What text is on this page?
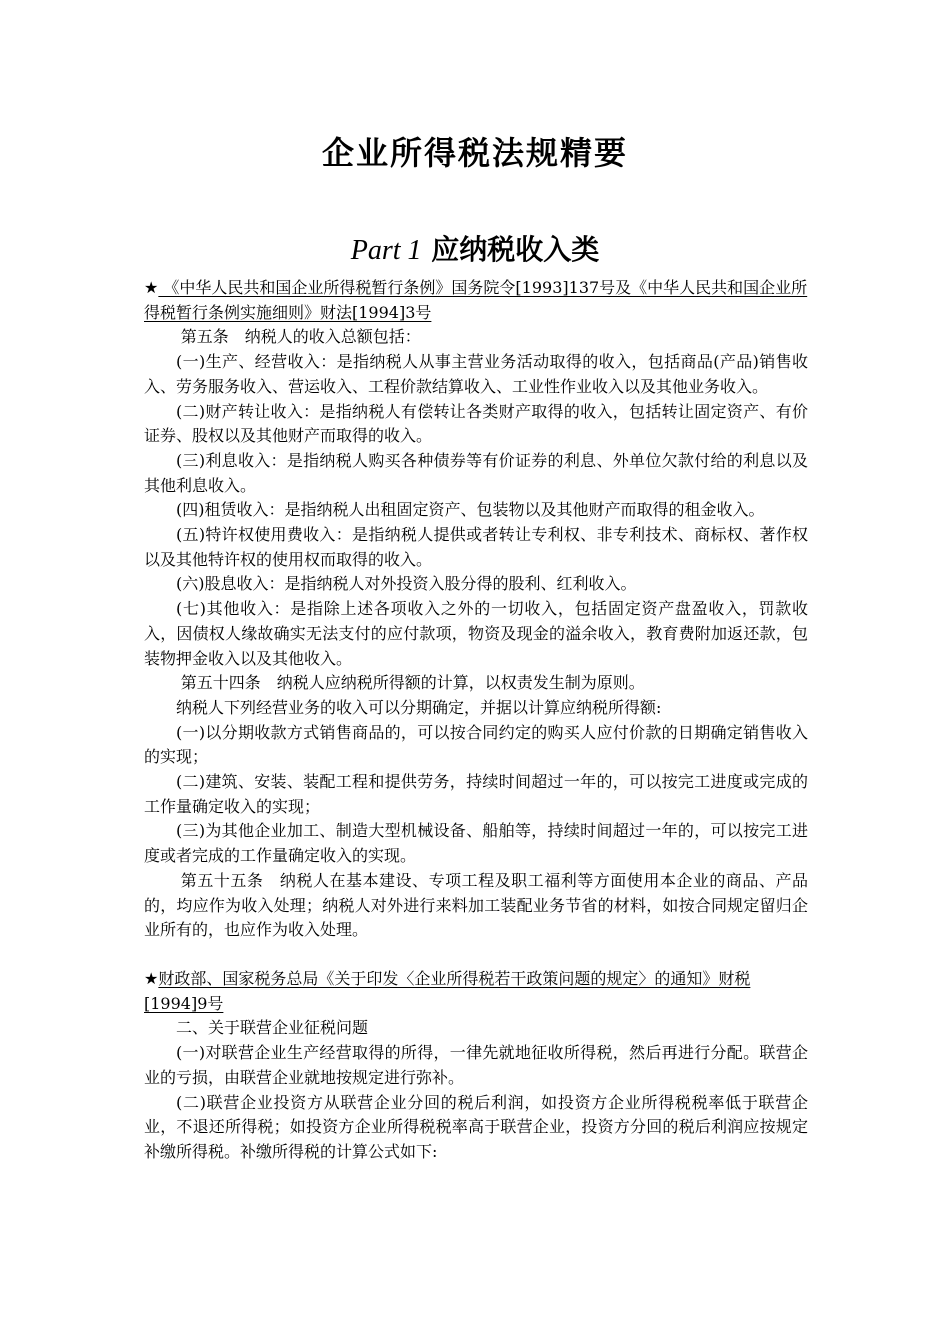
企业所得税法规精要
Part 1 应纳税收入类

★ 《中华人民共和国企业所得税暂行条例》国务院令[1993]137号及《中华人民共和国企业所得税暂行条例实施细则》财法[1994]3号

第五条　纳税人的收入总额包括：

(一)生产、经营收入：是指纳税人从事主营业务活动取得的收入，包括商品(产品)销售收入、劳务服务收入、营运收入、工程价款结算收入、工业性作业收入以及其他业务收入。

(二)财产转让收入：是指纳税人有偿转让各类财产取得的收入，包括转让固定资产、有价证券、股权以及其他财产而取得的收入。

(三)利息收入：是指纳税人购买各种债券等有价证券的利息、外单位欠款付给的利息以及其他利息收入。

(四)租赁收入：是指纳税人出租固定资产、包装物以及其他财产而取得的租金收入。

(五)特许权使用费收入：是指纳税人提供或者转让专利权、非专利技术、商标权、著作权以及其他特许权的使用权而取得的收入。

(六)股息收入：是指纳税人对外投资入股分得的股利、红利收入。

(七)其他收入：是指除上述各项收入之外的一切收入，包括固定资产盘盈收入，罚款收入，因债权人缘故确实无法支付的应付款项，物资及现金的溢余收入，教育费附加返还款，包装物押金收入以及其他收入。

第五十四条　纳税人应纳税所得额的计算，以权责发生制为原则。

纳税人下列经营业务的收入可以分期确定，并据以计算应纳税所得额:

(一)以分期收款方式销售商品的，可以按合同约定的购买人应付价款的日期确定销售收入的实现；

(二)建筑、安装、装配工程和提供劳务，持续时间超过一年的，可以按完工进度或完成的工作量确定收入的实现；

(三)为其他企业加工、制造大型机械设备、船舶等，持续时间超过一年的，可以按完工进度或者完成的工作量确定收入的实现。

第五十五条　纳税人在基本建设、专项工程及职工福利等方面使用本企业的商品、产品的，均应作为收入处理；纳税人对外进行来料加工装配业务节省的材料，如按合同规定留归企业所有的，也应作为收入处理。

★财政部、国家税务总局《关于印发〈企业所得税若干政策问题的规定〉的通知》财税[1994]9号

二、关于联营企业征税问题

(一)对联营企业生产经营取得的所得，一律先就地征收所得税，然后再进行分配。联营企业的亏损，由联营企业就地按规定进行弥补。

(二)联营企业投资方从联营企业分回的税后利润，如投资方企业所得税税率低于联营企业，不退还所得税；如投资方企业所得税税率高于联营企业，投资方分回的税后利润应按规定补缴所得税。补缴所得税的计算公式如下:
